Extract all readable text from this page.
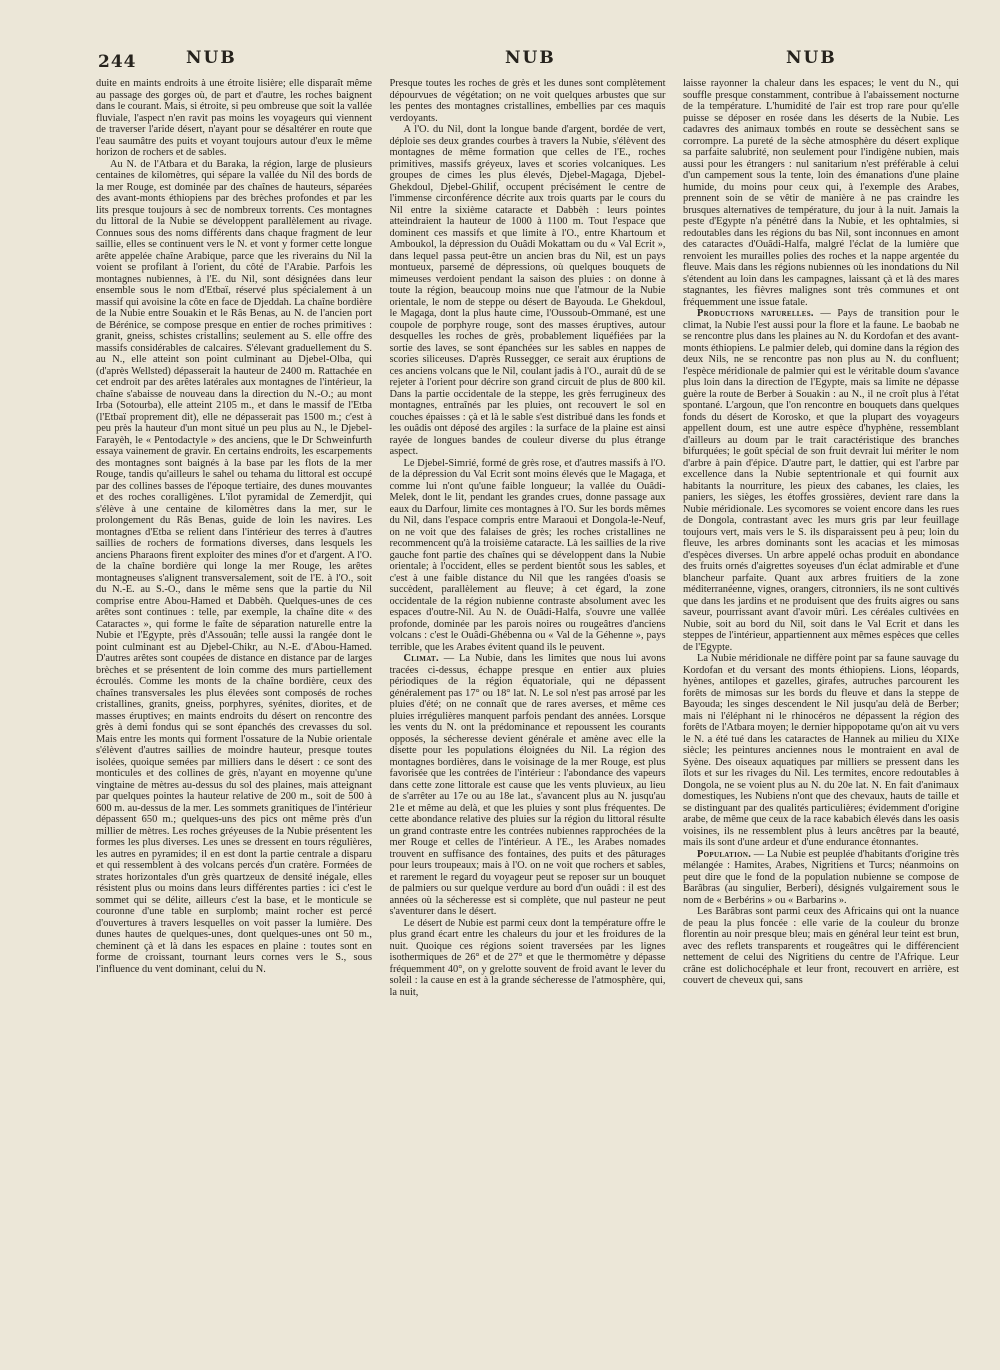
244	NUB	NUB	NUB

duite en maints endroits à une étroite lisière; elle disparaît même au passage des gorges où, de part et d'autre, les roches baignent dans le courant. Mais, si étroite, si peu ombreuse que soit la vallée fluviale, l'aspect n'en ravit pas moins les voyageurs qui viennent de traverser l'aride désert, n'ayant pour se désaltérer en route que l'eau saumâtre des puits et voyant toujours autour d'eux le même horizon de rochers et de sables.

Au N. de l'Atbara et du Baraka, la région, large de plusieurs centaines de kilomètres, qui sépare la vallée du Nil des bords de la mer Rouge, est dominée par des chaînes de hauteurs, séparées des avant-monts éthiopiens par des brèches profondes et par les lits presque toujours à sec de nombreux torrents. Ces montagnes du littoral de la Nubie se développent parallèlement au rivage. Connues sous des noms différents dans chaque fragment de leur saillie, elles se continuent vers le N. et vont y former cette longue arête appelée chaîne Arabique, parce que les riverains du Nil la voient se profilant à l'orient, du côté de l'Arabie. Parfois les montagnes nubiennes, à l'E. du Nil, sont désignées dans leur ensemble sous le nom d'Etbaï, réservé plus spécialement à un massif qui avoisine la côte en face de Djeddah. La chaîne bordière de la Nubie entre Souakin et le Râs Benas, au N. de l'ancien port de Bérénice, se compose presque en entier de roches primitives : granit, gneiss, schistes cristallins; seulement au S. elle offre des massifs considérables de calcaires. S'élevant graduellement du S. au N., elle atteint son point culminant au Djebel-Olba, qui (d'après Wellsted) dépasserait la hauteur de 2400 m. Rattachée en cet endroit par des arêtes latérales aux montagnes de l'intérieur, la chaîne s'abaisse de nouveau dans la direction du N.-O.; au mont Irba (Sotourba), elle atteint 2105 m., et dans le massif de l'Etba (l'Etbaï proprement dit), elle ne dépasserait pas 1500 m.; c'est à peu près la hauteur d'un mont situé un peu plus au N., le Djebel-Farayèh, le « Pentodactyle » des anciens, que le Dr Schweinfurth essaya vainement de gravir. En certains endroits, les escarpements des montagnes sont baignés à la base par les flots de la mer Rouge, tandis qu'ailleurs le sahel ou tehama du littoral est occupé par des collines basses de l'époque tertiaire, des dunes mouvantes et des roches coralligènes. L'îlot pyramidal de Zemerdjit, qui s'élève à une centaine de kilomètres dans la mer, sur le prolongement du Râs Benas, guide de loin les navires. Les montagnes d'Etba se relient dans l'intérieur des terres à d'autres saillies de rochers de formations diverses, dans lesquels les anciens Pharaons firent exploiter des mines d'or et d'argent. A l'O. de la chaîne bordière qui longe la mer Rouge, les arêtes montagneuses s'alignent transversalement, soit de l'E. à l'O., soit du N.-E. au S.-O., dans le même sens que la partie du Nil comprise entre Abou-Hamed et Dabbèh. Quelques-unes de ces arêtes sont continues : telle, par exemple, la chaîne dite « des Cataractes », qui forme le faîte de séparation naturelle entre la Nubie et l'Egypte, près d'Assouân; telle aussi la rangée dont le point culminant est au Djebel-Chikr, au N.-E. d'Abou-Hamed. D'autres arêtes sont coupées de distance en distance par de larges brèches et se présentent de loin comme des murs partiellement écroulés. Comme les monts de la chaîne bordière, ceux des chaînes transversales les plus élevées sont composés de roches cristallines, granits, gneiss, porphyres, syénites, diorites, et de masses éruptives; en maints endroits du désert on rencontre des grès à demi fondus qui se sont épanchés des crevasses du sol. Mais entre les monts qui forment l'ossature de la Nubie orientale s'élèvent d'autres saillies de moindre hauteur, presque toutes isolées, quoique semées par milliers dans le désert : ce sont des monticules et des collines de grès, n'ayant en moyenne qu'une vingtaine de mètres au-dessus du sol des plaines, mais atteignant par quelques pointes la hauteur relative de 200 m., soit de 500 à 600 m. au-dessus de la mer. Les sommets granitiques de l'intérieur dépassent 650 m.; quelques-uns des pics ont même près d'un millier de mètres. Les roches gréyeuses de la Nubie présentent les formes les plus diverses. Les unes se dressent en tours régulières, les autres en pyramides; il en est dont la partie centrale a disparu et qui ressemblent à des volcans percés d'un cratère. Formées de strates horizontales d'un grès quartzeux de densité inégale, elles résistent plus ou moins dans leurs différentes parties : ici c'est le sommet qui se délite, ailleurs c'est la base, et le monticule se couronne d'une table en surplomb; maint rocher est percé d'ouvertures à travers lesquelles on voit passer la lumière. Des dunes hautes de quelques-unes, dont quelques-unes ont 50 m., cheminent çà et là dans les espaces en plaine : toutes sont en forme de croissant, tournant leurs cornes vers le S., sous l'influence du vent dominant, celui du N.

Presque toutes les roches de grès et les dunes sont complètement dépourvues de végétation; on ne voit quelques arbustes que sur les pentes des montagnes cristallines, embellies par ces maquis verdoyants.

A l'O. du Nil, dont la longue bande d'argent, bordée de vert, déploie ses deux grandes courbes à travers la Nubie, s'élèvent des montagnes de même formation que celles de l'E., roches primitives, massifs gréyeux, laves et scories volcaniques. Les groupes de cimes les plus élevés, Djebel-Magaga, Djebel-Ghekdoul, Djebel-Ghilif, occupent précisément le centre de l'immense circonférence décrite aux trois quarts par le cours du Nil entre la sixième cataracte et Dabbèh : leurs pointes atteindraient la hauteur de 1000 à 1100 m. Tout l'espace que dominent ces massifs et que limite à l'O., entre Khartoum et Amboukol, la dépression du Ouâdi Mokattam ou du « Val Ecrit », dans lequel passa peut-être un ancien bras du Nil, est un pays montueux, parsemé de dépressions, où quelques bouquets de mimeuses verdoient pendant la saison des pluies : on donne à toute la région, beaucoup moins nue que l'atmour de la Nubie orientale, le nom de steppe ou désert de Bayouda. Le Ghekdoul, le Magaga, dont la plus haute cime, l'Oussoub-Ommané, est une coupole de porphyre rouge, sont des masses éruptives, autour desquelles les roches de grès, probablement liquéfiées par la sortie des laves, se sont épanchées sur les sables en nappes de scories siliceuses. D'après Russegger, ce serait aux éruptions de ces anciens volcans que le Nil, coulant jadis à l'O., aurait dû de se rejeter à l'orient pour décrire son grand circuit de plus de 800 kil. Dans la partie occidentale de la steppe, les grès ferrugineux des montagnes, entraînés par les pluies, ont recouvert le sol en couches épaisses : çà et là le sable s'est distribué dans les fonds et les ouâdis ont déposé des argiles : la surface de la plaine est ainsi rayée de longues bandes de couleur diverse du plus étrange aspect.

Le Djebel-Simrié, formé de grès rose, et d'autres massifs à l'O. de la dépression du Val Ecrit sont moins élevés que le Magaga, et comme lui n'ont qu'une faible longueur; la vallée du Ouâdi-Melek, dont le lit, pendant les grandes crues, donne passage aux eaux du Darfour, limite ces montagnes à l'O. Sur les bords mêmes du Nil, dans l'espace compris entre Maraoui et Dongola-le-Neuf, on ne voit que des falaises de grès; les roches cristallines ne recommencent qu'à la troisième cataracte. Là les saillies de la rive gauche font partie des chaînes qui se développent dans la Nubie orientale; à l'occident, elles se perdent bientôt sous les sables, et c'est à une faible distance du Nil que les rangées d'oasis se succèdent, parallèlement au fleuve; à cet égard, la zone occidentale de la région nubienne contraste absolument avec les espaces d'outre-Nil. Au N. de Ouâdi-Halfa, s'ouvre une vallée profonde, dominée par les parois noires ou rougeâtres d'anciens volcans : c'est le Ouâdi-Ghébenna ou « Val de la Géhenne », pays terrible, que les Arabes évitent quand ils le peuvent.

Climat. — La Nubie, dans les limites que nous lui avons tracées ci-dessus, échappe presque en entier aux pluies périodiques de la région équatoriale, qui ne dépassent généralement pas 17° ou 18° lat. N. Le sol n'est pas arrosé par les pluies d'été; on ne connaît que de rares averses, et même ces pluies irrégulières manquent parfois pendant des années. Lorsque les vents du N. ont la prédominance et repoussent les courants opposés, la sécheresse devient générale et amène avec elle la disette pour les populations éloignées du Nil. La région des montagnes bordières, dans le voisinage de la mer Rouge, est plus favorisée que les contrées de l'intérieur : l'abondance des vapeurs dans cette zone littorale est cause que les vents pluvieux, au lieu de s'arrêter au 17e ou au 18e lat., s'avancent plus au N. jusqu'au 21e et même au delà, et que les pluies y sont plus fréquentes. De cette abondance relative des pluies sur la région du littoral résulte un grand contraste entre les contrées nubiennes rapprochées de la mer Rouge et celles de l'intérieur. A l'E., les Arabes nomades trouvent en suffisance des fontaines, des puits et des pâturages pour leurs troupeaux; mais à l'O. on ne voit que rochers et sables, et rarement le regard du voyageur peut se reposer sur un bouquet de palmiers ou sur quelque verdure au bord d'un ouâdi : il est des années où la sécheresse est si complète, que nul pasteur ne peut s'aventurer dans le désert.

Le désert de Nubie est parmi ceux dont la température offre le plus grand écart entre les chaleurs du jour et les froidures de la nuit. Quoique ces régions soient traversées par les lignes isothermiques de 26° et de 27° et que le thermomètre y dépasse fréquemment 40°, on y grelotte souvent de froid avant le lever du soleil : la cause en est à la grande sécheresse de l'atmosphère, qui, la nuit,

laisse rayonner la chaleur dans les espaces; le vent du N., qui souffle presque constamment, contribue à l'abaissement nocturne de la température. L'humidité de l'air est trop rare pour qu'elle puisse se déposer en rosée dans les déserts de la Nubie. Les cadavres des animaux tombés en route se dessèchent sans se corrompre. La pureté de la sèche atmosphère du désert explique sa parfaite salubrité, non seulement pour l'indigène nubien, mais aussi pour les étrangers : nul sanitarium n'est préférable à celui d'un campement sous la tente, loin des émanations d'une plaine humide, du moins pour ceux qui, à l'exemple des Arabes, prennent soin de se vêtir de manière à ne pas craindre les brusques alternatives de température, du jour à la nuit. Jamais la peste d'Egypte n'a pénétré dans la Nubie, et les ophtalmies, si redoutables dans les régions du bas Nil, sont inconnues en amont des cataractes d'Ouâdi-Halfa, malgré l'éclat de la lumière que renvoient les murailles polies des roches et la nappe argentée du fleuve. Mais dans les régions nubiennes où les inondations du Nil s'étendent au loin dans les campagnes, laissant çà et là des mares stagnantes, les fièvres malignes sont très communes et ont fréquemment une issue fatale.

Productions naturelles. — Pays de transition pour le climat, la Nubie l'est aussi pour la flore et la faune. Le baobab ne se rencontre plus dans les plaines au N. du Kordofan et des avant-monts éthiopiens. Le palmier deleb, qui domine dans la région des deux Nils, ne se rencontre pas non plus au N. du confluent; l'espèce méridionale de palmier qui est le véritable doum s'avance plus loin dans la direction de l'Egypte, mais sa limite ne dépasse guère la route de Berber à Souakin : au N., il ne croît plus à l'état spontané. L'argoun, que l'on rencontre en bouquets dans quelques fonds du désert de Korosko, et que la plupart des voyageurs appellent doum, est une autre espèce d'hyphène, ressemblant d'ailleurs au doum par le trait caractéristique des branches bifurquées; le goût spécial de son fruit devrait lui mériter le nom d'arbre à pain d'épice. D'autre part, le dattier, qui est l'arbre par excellence dans la Nubie septentrionale et qui fournit aux habitants la nourriture, les pieux des cabanes, les claies, les paniers, les sièges, les étoffes grossières, devient rare dans la Nubie méridionale. Les sycomores se voient encore dans les rues de Dongola, contrastant avec les murs gris par leur feuillage toujours vert, mais vers le S. ils disparaissent peu à peu; loin du fleuve, les arbres dominants sont les acacias et les mimosas d'espèces diverses. Un arbre appelé ochas produit en abondance des fruits ornés d'aigrettes soyeuses d'un éclat admirable et d'une blancheur parfaite. Quant aux arbres fruitiers de la zone méditerranéenne, vignes, orangers, citronniers, ils ne sont cultivés que dans les jardins et ne produisent que des fruits aigres ou sans saveur, pourrissant avant d'avoir mûri. Les céréales cultivées en Nubie, soit au bord du Nil, soit dans le Val Ecrit et dans les steppes de l'intérieur, appartiennent aux mêmes espèces que celles de l'Egypte.

La Nubie méridionale ne diffère point par sa faune sauvage du Kordofan et du versant des monts éthiopiens. Lions, léopards, hyènes, antilopes et gazelles, girafes, autruches parcourent les forêts de mimosas sur les bords du fleuve et dans la steppe de Bayouda; les singes descendent le Nil jusqu'au delà de Berber; mais ni l'éléphant ni le rhinocéros ne dépassent la région des forêts de l'Atbara moyen; le dernier hippopotame qu'on ait vu vers le N. a été tué dans les cataractes de Hannek au milieu du XIXe siècle; les peintures anciennes nous le montraient en aval de Syène. Des oiseaux aquatiques par milliers se pressent dans les îlots et sur les rivages du Nil. Les termites, encore redoutables à Dongola, ne se voient plus au N. du 20e lat. N. En fait d'animaux domestiques, les Nubiens n'ont que des chevaux, hauts de taille et se distinguant par des qualités particulières; évidemment d'origine arabe, de même que ceux de la race kababich élevés dans les oasis voisines, ils ne ressemblent plus à leurs ancêtres par la beauté, mais ils sont d'une ardeur et d'une endurance étonnantes.

Population. — La Nubie est peuplée d'habitants d'origine très mélangée : Hamites, Arabes, Nigritiens et Turcs; néanmoins on peut dire que le fond de la population nubienne se compose de Barâbras (au singulier, Berberi), désignés vulgairement sous le nom de « Berbérins » ou « Barbarins ».

Les Barâbras sont parmi ceux des Africains qui ont la nuance de peau la plus foncée : elle varie de la couleur du bronze florentin au noir presque bleu; mais en général leur teint est brun, avec des reflets transparents et rougeâtres qui le différencient nettement de celui des Nigritiens du centre de l'Afrique. Leur crâne est dolichocéphale et leur front, recouvert en arrière, est couvert de cheveux qui, sans
